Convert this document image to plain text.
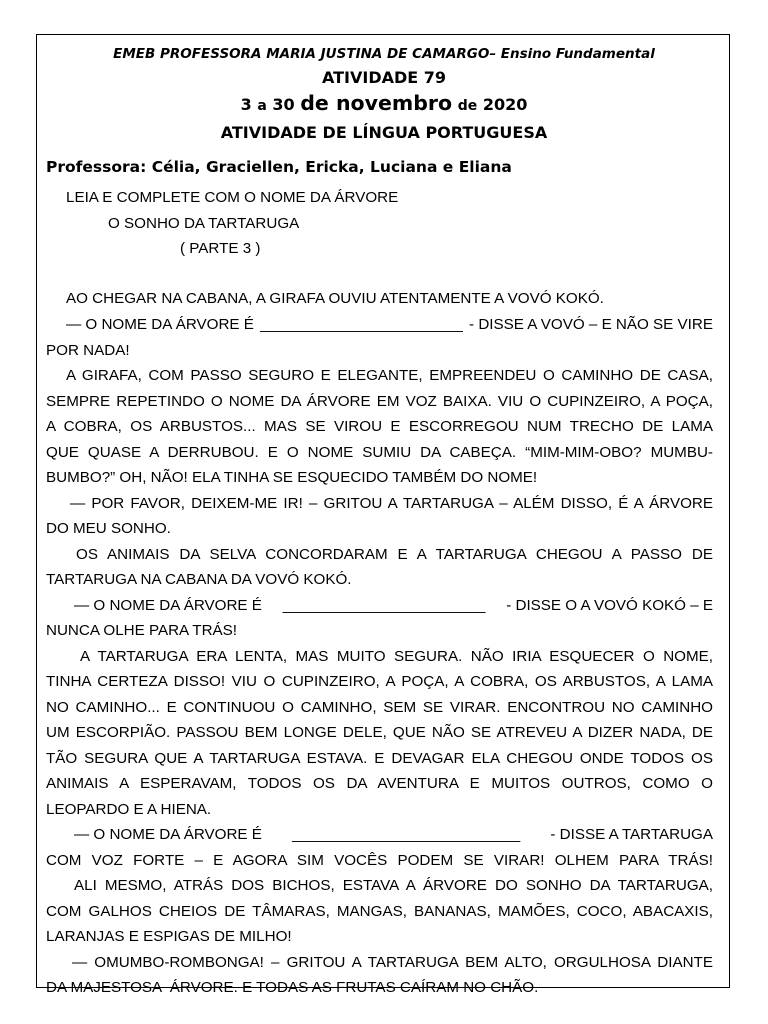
EMEB PROFESSORA MARIA JUSTINA DE CAMARGO– Ensino Fundamental
ATIVIDADE 79
3 a 30 de novembro de 2020
ATIVIDADE DE LÍNGUA PORTUGUESA
Professora: Célia, Graciellen, Ericka, Luciana e Eliana
LEIA E COMPLETE COM O NOME DA ÁRVORE
O SONHO DA TARTARUGA
( PARTE 3 )
AO CHEGAR NA CABANA, A GIRAFA OUVIU ATENTAMENTE A VOVÓ KOKÓ.
— O NOME DA ÁRVORE É ________________________ - DISSE A VOVÓ – E NÃO SE VIRE
POR NADA!
A GIRAFA, COM PASSO SEGURO E ELEGANTE, EMPREENDEU O CAMINHO DE CASA,
SEMPRE REPETINDO O NOME DA ÁRVORE EM VOZ BAIXA. VIU O CUPINZEIRO, A POÇA,
A COBRA, OS ARBUSTOS... MAS SE VIROU E ESCORREGOU NUM TRECHO DE LAMA
QUE QUASE A DERRUBOU. E O NOME SUMIU DA CABEÇA. “MIM-MIM-OBO? MUMBU-
BUMBO?” OH, NÃO! ELA TINHA SE ESQUECIDO TAMBÉM DO NOME!
— POR FAVOR, DEIXEM-ME IR! – GRITOU A TARTARUGA – ALÉM DISSO, É A ÁRVORE
DO MEU SONHO.
OS ANIMAIS DA SELVA CONCORDARAM E A TARTARUGA CHEGOU A PASSO DE
TARTARUGA NA CABANA DA VOVÓ KOKÓ.
— O NOME DA ÁRVORE É ________________________ - DISSE O A VOVÓ KOKÓ – E
NUNCA OLHE PARA TRÁS!
A TARTARUGA ERA LENTA, MAS MUITO SEGURA. NÃO IRIA ESQUECER O NOME,
TINHA CERTEZA DISSO! VIU O CUPINZEIRO, A POÇA, A COBRA, OS ARBUSTOS, A LAMA
NO CAMINHO... E CONTINUOU O CAMINHO, SEM SE VIRAR. ENCONTROU NO CAMINHO
UM ESCORPIÃO. PASSOU BEM LONGE DELE, QUE NÃO SE ATREVEU A DIZER NADA, DE
TÃO SEGURA QUE A TARTARUGA ESTAVA. E DEVAGAR ELA CHEGOU ONDE TODOS OS
ANIMAIS A ESPERAVAM, TODOS OS DA AVENTURA E MUITOS OUTROS, COMO O
LEOPARDO E A HIENA.
— O NOME DA ÁRVORE É ___________________________ - DISSE A TARTARUGA
COM VOZ FORTE – E AGORA SIM VOCÊS PODEM SE VIRAR! OLHEM PARA TRÁS!
ALI MESMO, ATRÁS DOS BICHOS, ESTAVA A ÁRVORE DO SONHO DA TARTARUGA,
COM GALHOS CHEIOS DE TÂMARAS, MANGAS, BANANAS, MAMÕES, COCO, ABACAXIS,
LARANJAS E ESPIGAS DE MILHO!
— OMUMBO-ROMBONGA! – GRITOU A TARTARUGA BEM ALTO, ORGULHOSA DIANTE
DA MAJESTOSA  ÁRVORE. E TODAS AS FRUTAS CAÍRAM NO CHÃO.
